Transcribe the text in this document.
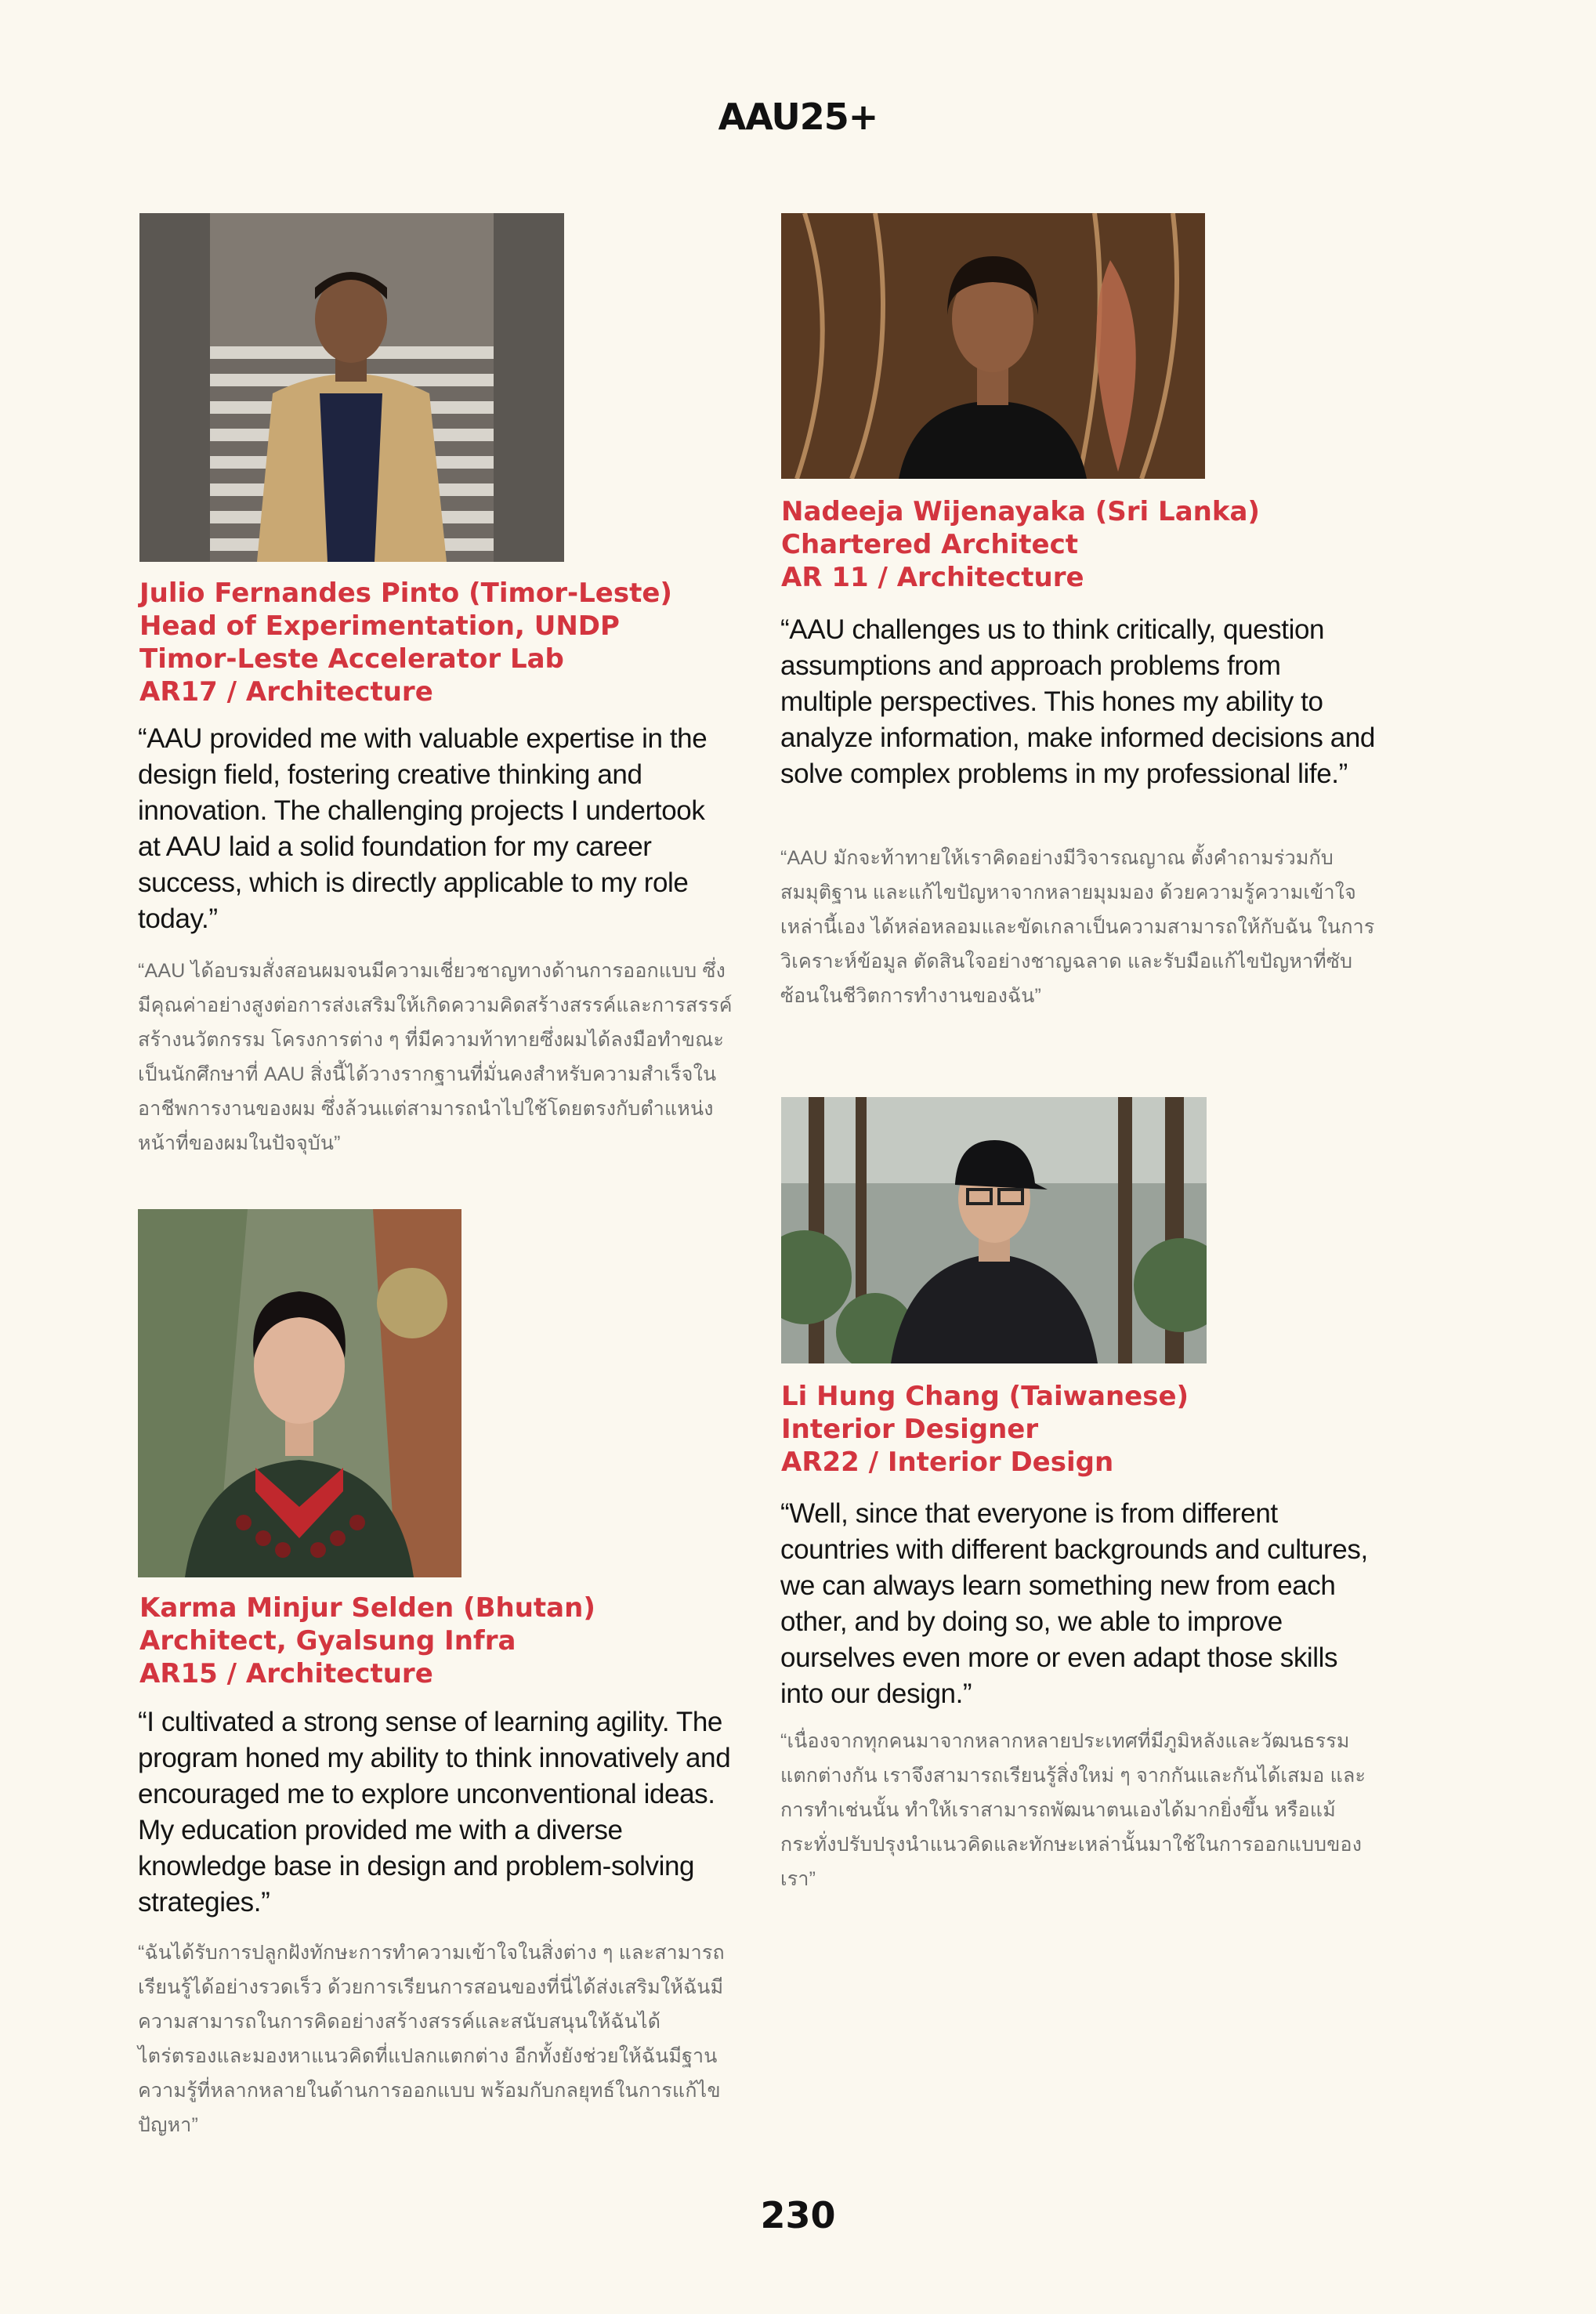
AAU25+
Julio Fernandes Pinto (Timor-Leste)
Head of Experimentation, UNDP
Timor-Leste Accelerator Lab
AR17 / Architecture
“AAU provided me with valuable expertise in the design field, fostering creative thinking and innovation. The challenging projects I undertook at AAU laid a solid foundation for my career success, which is directly applicable to my role today.”
“AAU ได้อบรมสั่งสอนผมจนมีความเชี่ยวชาญทางด้านการออกแบบ ซึ่งมีคุณค่าอย่างสูงต่อการส่งเสริมให้เกิดความคิดสร้างสรรค์และการสรรค์สร้างนวัตกรรม โครงการต่าง ๆ ที่มีความท้าทายซึ่งผมได้ลงมือทำขณะเป็นนักศึกษาที่ AAU สิ่งนี้ได้วางรากฐานที่มั่นคงสำหรับความสำเร็จในอาชีพการงานของผม ซึ่งล้วนแต่สามารถนำไปใช้โดยตรงกับตำแหน่งหน้าที่ของผมในปัจจุบัน”
Nadeeja Wijenayaka (Sri Lanka)
Chartered Architect
AR 11 / Architecture
“AAU challenges us to think critically, question assumptions and approach problems from multiple perspectives. This hones my ability to analyze information, make informed decisions and solve complex problems in my professional life.”
“AAU มักจะท้าทายให้เราคิดอย่างมีวิจารณญาณ ตั้งคำถามร่วมกับสมมุติฐาน และแก้ไขปัญหาจากหลายมุมมอง ด้วยความรู้ความเข้าใจเหล่านี้เอง ได้หล่อหลอมและขัดเกลาเป็นความสามารถให้กับฉัน ในการวิเคราะห์ข้อมูล ตัดสินใจอย่างชาญฉลาด และรับมือแก้ไขปัญหาที่ซับซ้อนในชีวิตการทำงานของฉัน”
Karma Minjur Selden (Bhutan)
Architect, Gyalsung Infra
AR15 / Architecture
“I cultivated a strong sense of learning agility. The program honed my ability to think innovatively and encouraged me to explore unconventional ideas. My education provided me with a diverse knowledge base in design and problem-solving strategies.”
“ฉันได้รับการปลูกฝังทักษะการทำความเข้าใจในสิ่งต่าง ๆ และสามารถเรียนรู้ได้อย่างรวดเร็ว ด้วยการเรียนการสอนของที่นี่ได้ส่งเสริมให้ฉันมีความสามารถในการคิดอย่างสร้างสรรค์และสนับสนุนให้ฉันได้ไตร่ตรองและมองหาแนวคิดที่แปลกแตกต่าง อีกทั้งยังช่วยให้ฉันมีฐานความรู้ที่หลากหลายในด้านการออกแบบ พร้อมกับกลยุทธ์ในการแก้ไขปัญหา”
Li Hung Chang (Taiwanese)
Interior Designer
AR22 / Interior Design
“Well, since that everyone is from different countries with different backgrounds and cultures, we can always learn something new from each other, and by doing so, we able to improve ourselves even more or even adapt those skills into our design.”
“เนื่องจากทุกคนมาจากหลากหลายประเทศที่มีภูมิหลังและวัฒนธรรมแตกต่างกัน เราจึงสามารถเรียนรู้สิ่งใหม่ ๆ จากกันและกันได้เสมอ และการทำเช่นนั้น ทำให้เราสามารถพัฒนาตนเองได้มากยิ่งขึ้น หรือแม้กระทั่งปรับปรุงนำแนวคิดและทักษะเหล่านั้นมาใช้ในการออกแบบของเรา”
230
